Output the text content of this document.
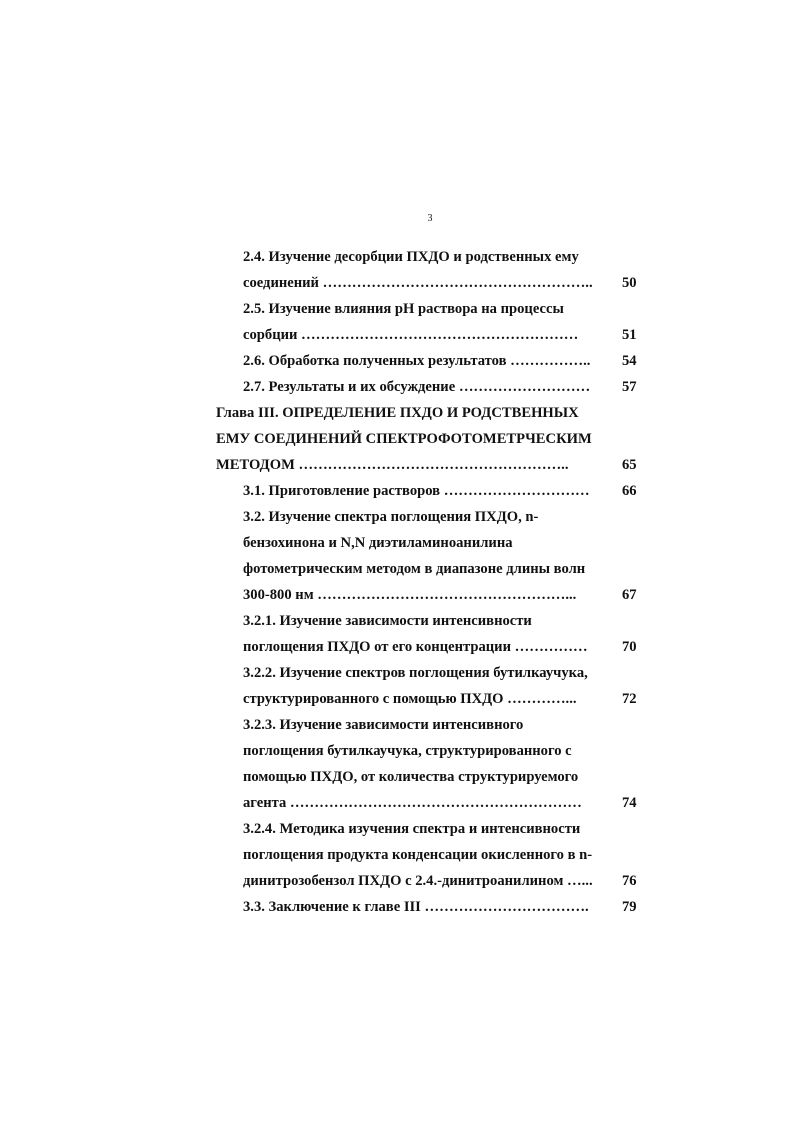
3
2.4. Изучение десорбции ПХДО и родственных ему
соединений ……………………………………………….. 50
2.5. Изучение влияния pH раствора на процессы
сорбции …………………………………………………	51
2.6. Обработка полученных результатов …………….. 54
2.7. Результаты и их обсуждение ……………………… 57
Глава III. ОПРЕДЕЛЕНИЕ ПХДО И РОДСТВЕННЫХ
ЕМУ СОЕДИНЕНИЙ СПЕКТРОФОТОМЕТРЧЕСКИМ
МЕТОДОМ ………………………………………………..	65
3.1. Приготовление растворов ………………………… 66
3.2. Изучение спектра поглощения ПХДО, n-
бензохинона и N,N диэтиламиноанилина
фотометрическим методом в диапазоне длины волн
300-800 нм ……………………………………………...	67
3.2.1. Изучение зависимости интенсивности
поглощения ПХДО от его концентрации …………… 70
3.2.2. Изучение спектров поглощения бутилкаучука,
структурированного с помощью ПХДО …………...	72
3.2.3. Изучение зависимости интенсивного
поглощения бутилкаучука, структурированного с
помощью ПХДО, от количества структурируемого
агента ……………………………………………………	74
3.2.4. Методика изучения спектра и интенсивности
поглощения продукта конденсации окисленного в n-
динитрозобензол ПХДО с 2.4.-динитроанилином …... 76
3.3. Заключение к главе III ……………………………. 79
